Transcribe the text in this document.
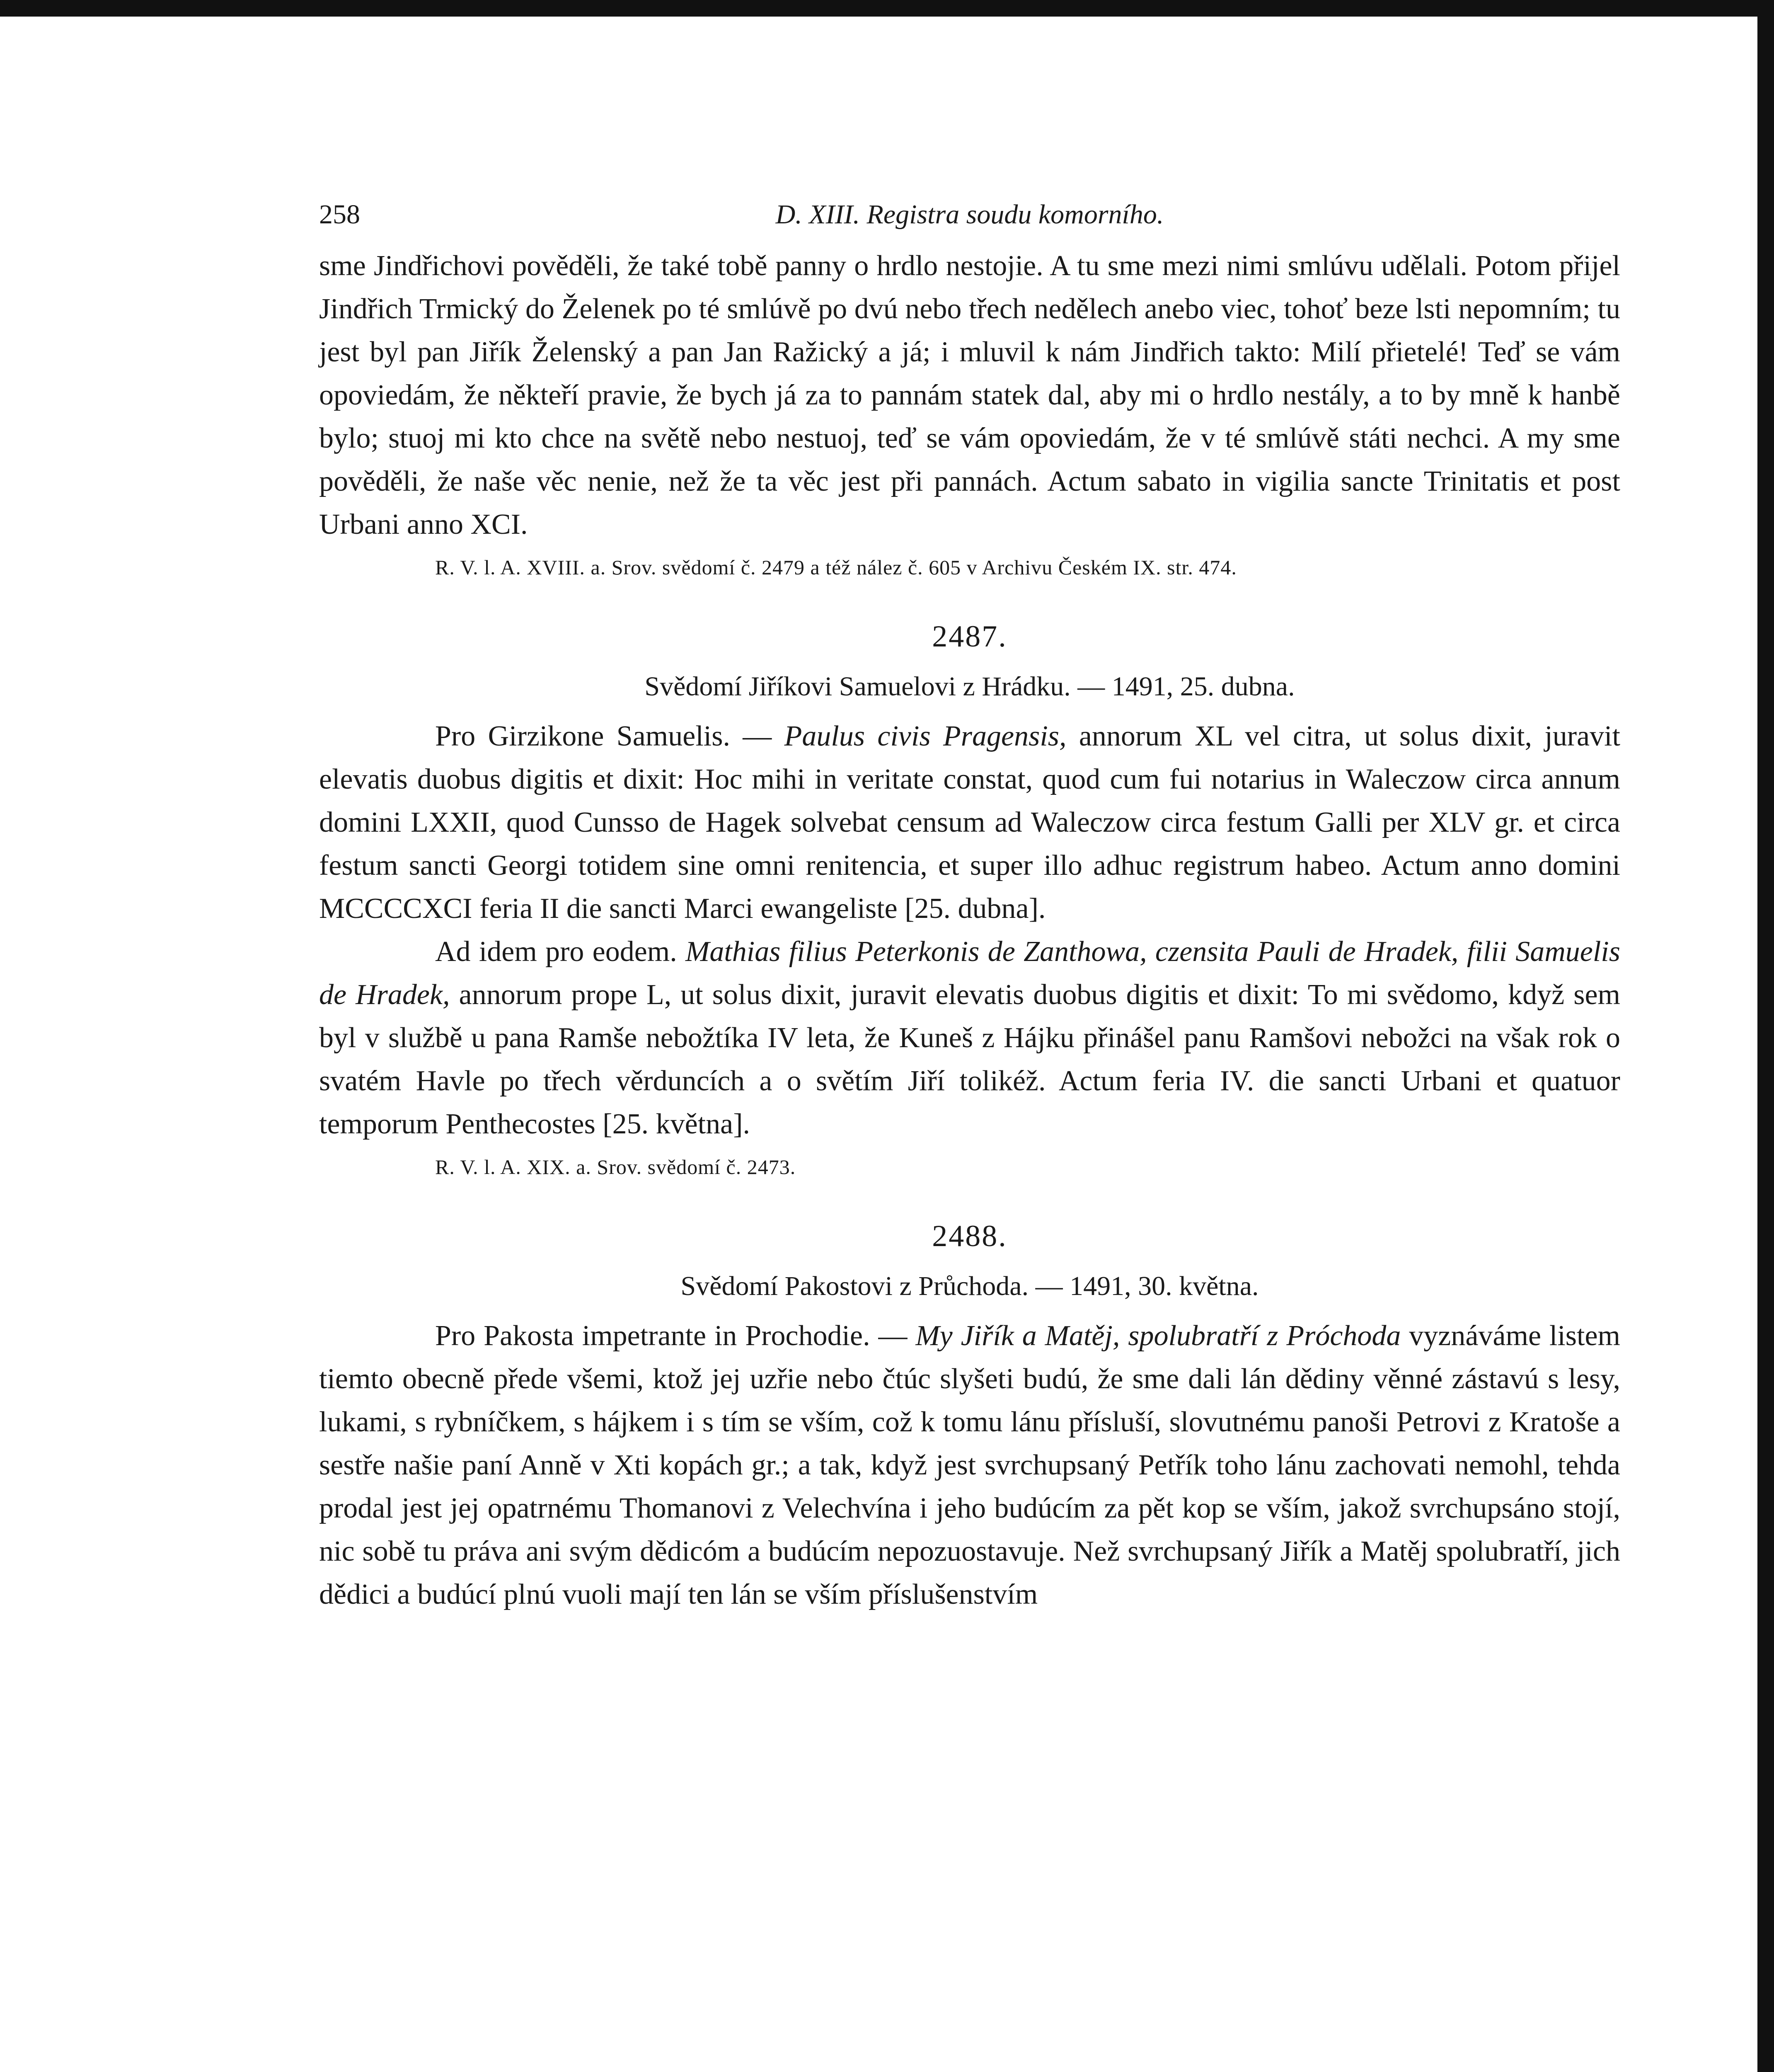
258	D. XIII. Registra soudu komorního.

sme Jindřichovi pověděli, že také tobě panny o hrdlo nestojie. A tu sme mezi nimi smlúvu udělali. Potom přijel Jindřich Trmický do Želenek po té smlúvě po dvú nebo třech nedělech anebo viec, tohoť beze lsti nepomním; tu jest byl pan Jiřík Želenský a pan Jan Ražický a já; i mluvil k nám Jindřich takto: Milí přietelé! Teď se vám opoviedám, že někteří pravie, že bych já za to pannám statek dal, aby mi o hrdlo nestály, a to by mně k hanbě bylo; stuoj mi kto chce na světě nebo nestuoj, teď se vám opoviedám, že v té smlúvě státi nechci. A my sme pověděli, že naše věc nenie, než že ta věc jest při pannách. Actum sabato in vigilia sancte Trinitatis et post Urbani anno XCI.

R. V. l. A. XVIII. a. Srov. svědomí č. 2479 a též nález č. 605 v Archivu Českém IX. str. 474.

2487.
Svědomí Jiříkovi Samuelovi z Hrádku. — 1491, 25. dubna.

Pro Girzikone Samuelis. — Paulus civis Pragensis, annorum XL vel citra, ut solus dixit, juravit elevatis duobus digitis et dixit: Hoc mihi in veritate constat, quod cum fui notarius in Waleczow circa annum domini LXXII, quod Cunsso de Hagek solvebat censum ad Waleczow circa festum Galli per XLV gr. et circa festum sancti Georgi totidem sine omni renitencia, et super illo adhuc registrum habeo. Actum anno domini MCCCCXCI feria II die sancti Marci ewangeliste [25. dubna].

Ad idem pro eodem. Mathias filius Peterkonis de Zanthowa, czensita Pauli de Hradek, filii Samuelis de Hradek, annorum prope L, ut solus dixit, juravit elevatis duobus digitis et dixit: To mi svědomo, když sem byl v službě u pana Ramše nebožtíka IV leta, že Kuneš z Hájku přinášel panu Ramšovi nebožci na však rok o svatém Havle po třech věrduncích a o světím Jiří tolikéž. Actum feria IV. die sancti Urbani et quatuor temporum Penthecostes [25. května].

R. V. l. A. XIX. a. Srov. svědomí č. 2473.

2488.
Svědomí Pakostovi z Průchoda. — 1491, 30. května.

Pro Pakosta impetrante in Prochodie. — My Jiřík a Matěj, spolubratří z Próchoda vyznáváme listem tiemto obecně přede všemi, ktož jej uzřie nebo čtúc slyšeti budú, že sme dali lán dědiny věnné zástavú s lesy, lukami, s rybníčkem, s hájkem i s tím se vším, což k tomu lánu přísluší, slovutnému panoši Petrovi z Kratoše a sestře našie paní Anně v Xti kopách gr.; a tak, když jest svrchupsaný Petřík toho lánu zachovati nemohl, tehda prodal jest jej opatrnému Thomanovi z Velechvína i jeho budúcím za pět kop se vším, jakož svrchupsáno stojí, nic sobě tu práva ani svým dědicóm a budúcím nepozuostavuje. Než svrchupsaný Jiřík a Matěj spolubratří, jich dědici a budúcí plnú vuoli mají ten lán se vším příslušenstvím
